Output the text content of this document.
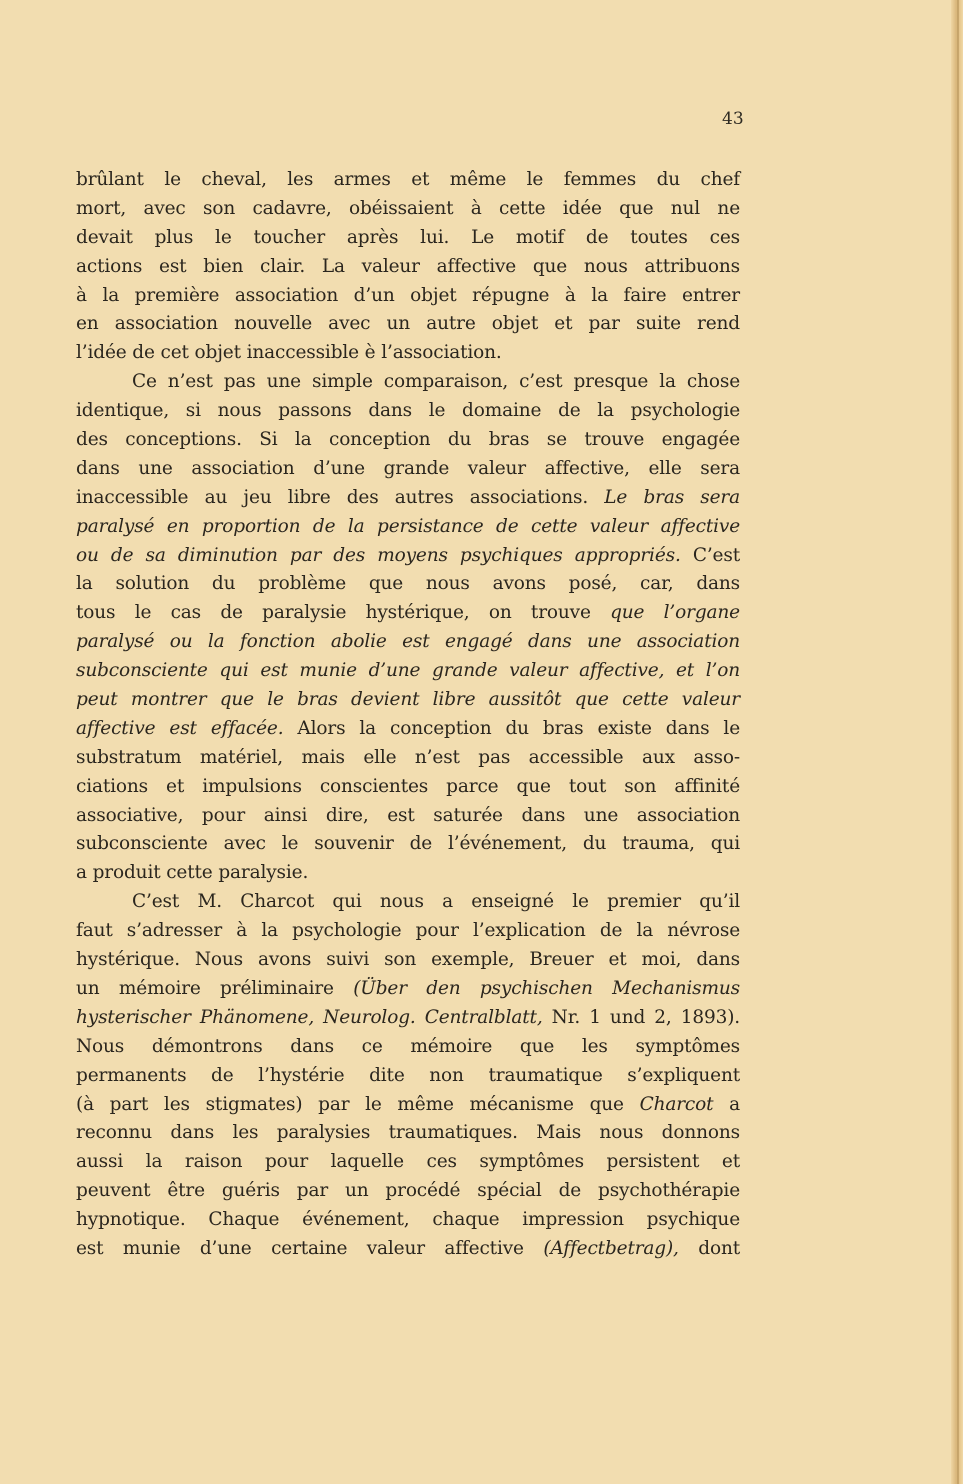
43
brûlant le cheval, les armes et même le femmes du chef
mort, avec son cadavre, obéissaient à cette idée que nul ne
devait plus le toucher après lui. Le motif de toutes ces
actions est bien clair. La valeur affective que nous attribuons
à la première association d’un objet répugne à la faire entrer
en association nouvelle avec un autre objet et par suite rend
l’idée de cet objet inaccessible è l’association.
Ce n’est pas une simple comparaison, c’est presque la chose
identique, si nous passons dans le domaine de la psychologie
des conceptions. Si la conception du bras se trouve engagée
dans une association d’une grande valeur affective, elle sera
inaccessible au jeu libre des autres associations. Le bras sera
paralysé en proportion de la persistance de cette valeur affective
ou de sa diminution par des moyens psychiques appropriés. C’est
la solution du problème que nous avons posé, car, dans
tous le cas de paralysie hystérique, on trouve que l’organe
paralysé ou la fonction abolie est engagé dans une association
subconsciente qui est munie d’une grande valeur affective, et l’on
peut montrer que le bras devient libre aussitôt que cette valeur
affective est effacée. Alors la conception du bras existe dans le
substratum matériel, mais elle n’est pas accessible aux asso-
ciations et impulsions conscientes parce que tout son affinité
associative, pour ainsi dire, est saturée dans une association
subconsciente avec le souvenir de l’événement, du trauma, qui
a produit cette paralysie.
C’est M. Charcot qui nous a enseigné le premier qu’il
faut s’adresser à la psychologie pour l’explication de la névrose
hystérique. Nous avons suivi son exemple, Breuer et moi, dans
un mémoire préliminaire (Über den psychischen Mechanismus
hysterischer Phänomene, Neurolog. Centralblatt, Nr. 1 und 2, 1893).
Nous démontrons dans ce mémoire que les symptômes
permanents de l’hystérie dite non traumatique s’expliquent
(à part les stigmates) par le même mécanisme que Charcot a
reconnu dans les paralysies traumatiques. Mais nous donnons
aussi la raison pour laquelle ces symptômes persistent et
peuvent être guéris par un procédé spécial de psychothérapie
hypnotique. Chaque événement, chaque impression psychique
est munie d’une certaine valeur affective (Affectbetrag), dont
